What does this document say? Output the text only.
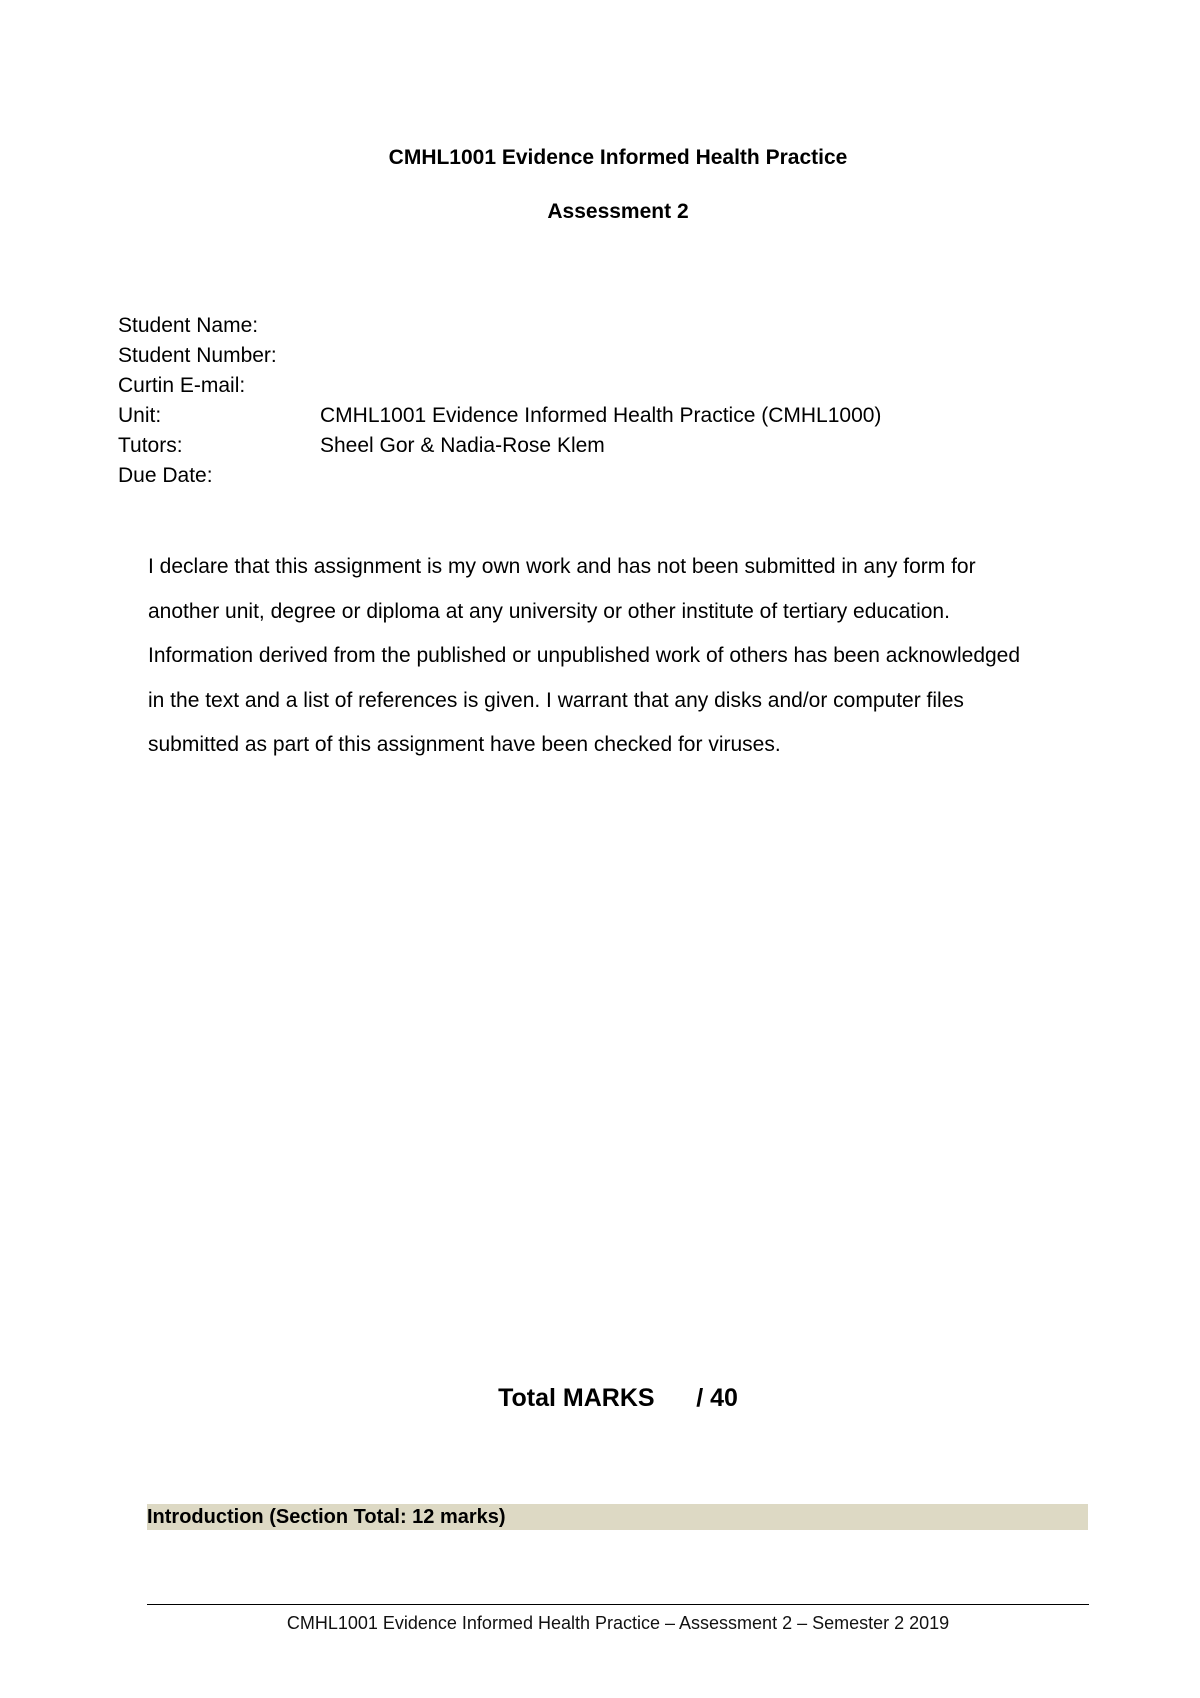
CMHL1001 Evidence Informed Health Practice
Assessment 2
Student Name:
Student Number:
Curtin E-mail:
Unit:	CMHL1001 Evidence Informed Health Practice (CMHL1000)
Tutors:	Sheel Gor & Nadia-Rose Klem
Due Date:

I declare that this assignment is my own work and has not been submitted in any form for

another unit, degree or diploma at any university or other institute of tertiary education.

Information derived from the published or unpublished work of others has been acknowledged

in the text and a list of references is given. I warrant that any disks and/or computer files

submitted as part of this assignment have been checked for viruses.

Total MARKS      / 40
Introduction (Section Total: 12 marks)
CMHL1001 Evidence Informed Health Practice – Assessment 2 – Semester 2 2019
